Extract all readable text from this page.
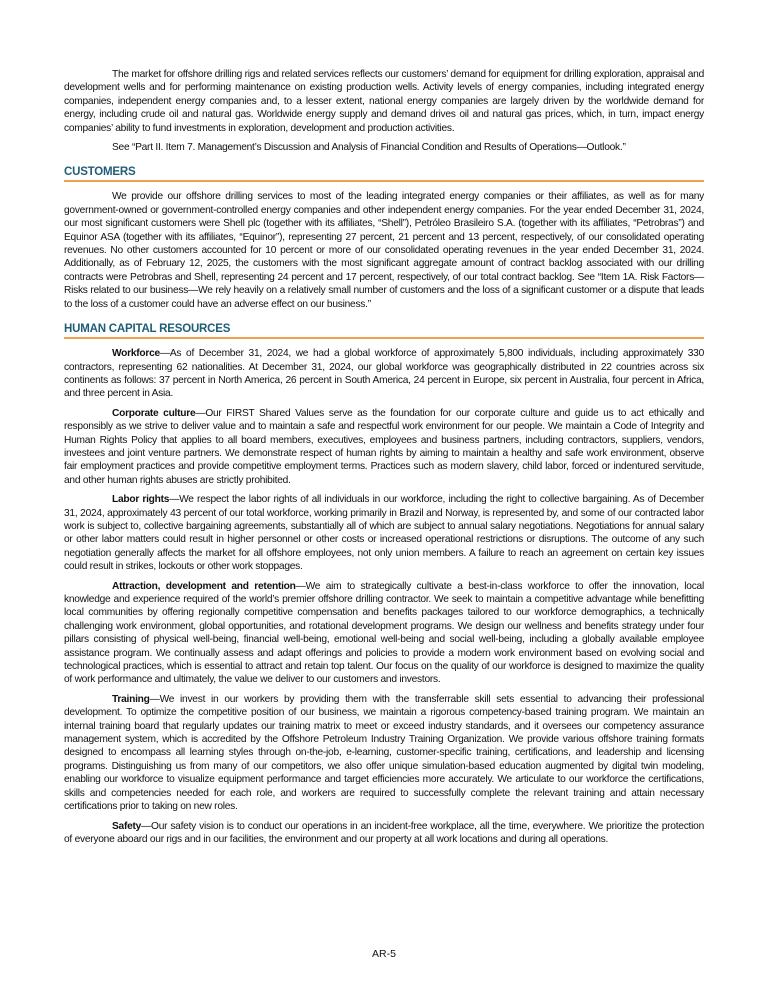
The market for offshore drilling rigs and related services reflects our customers’ demand for equipment for drilling exploration, appraisal and development wells and for performing maintenance on existing production wells. Activity levels of energy companies, including integrated energy companies, independent energy companies and, to a lesser extent, national energy companies are largely driven by the worldwide demand for energy, including crude oil and natural gas. Worldwide energy supply and demand drives oil and natural gas prices, which, in turn, impact energy companies’ ability to fund investments in exploration, development and production activities.

See “Part II. Item 7. Management’s Discussion and Analysis of Financial Condition and Results of Operations—Outlook.”

CUSTOMERS

We provide our offshore drilling services to most of the leading integrated energy companies or their affiliates, as well as for many government-owned or government-controlled energy companies and other independent energy companies. For the year ended December 31, 2024, our most significant customers were Shell plc (together with its affiliates, “Shell”), Petróleo Brasileiro S.A. (together with its affiliates, “Petrobras”) and Equinor ASA (together with its affiliates, “Equinor”), representing 27 percent, 21 percent and 13 percent, respectively, of our consolidated operating revenues. No other customers accounted for 10 percent or more of our consolidated operating revenues in the year ended December 31, 2024. Additionally, as of February 12, 2025, the customers with the most significant aggregate amount of contract backlog associated with our drilling contracts were Petrobras and Shell, representing 24 percent and 17 percent, respectively, of our total contract backlog. See “Item 1A. Risk Factors—Risks related to our business—We rely heavily on a relatively small number of customers and the loss of a significant customer or a dispute that leads to the loss of a customer could have an adverse effect on our business.”

HUMAN CAPITAL RESOURCES

Workforce—As of December 31, 2024, we had a global workforce of approximately 5,800 individuals, including approximately 330 contractors, representing 62 nationalities. At December 31, 2024, our global workforce was geographically distributed in 22 countries across six continents as follows: 37 percent in North America, 26 percent in South America, 24 percent in Europe, six percent in Australia, four percent in Africa, and three percent in Asia.

Corporate culture—Our FIRST Shared Values serve as the foundation for our corporate culture and guide us to act ethically and responsibly as we strive to deliver value and to maintain a safe and respectful work environment for our people. We maintain a Code of Integrity and Human Rights Policy that applies to all board members, executives, employees and business partners, including contractors, suppliers, vendors, investees and joint venture partners. We demonstrate respect of human rights by aiming to maintain a healthy and safe work environment, observe fair employment practices and provide competitive employment terms. Practices such as modern slavery, child labor, forced or indentured servitude, and other human rights abuses are strictly prohibited.

Labor rights—We respect the labor rights of all individuals in our workforce, including the right to collective bargaining. As of December 31, 2024, approximately 43 percent of our total workforce, working primarily in Brazil and Norway, is represented by, and some of our contracted labor work is subject to, collective bargaining agreements, substantially all of which are subject to annual salary negotiations. Negotiations for annual salary or other labor matters could result in higher personnel or other costs or increased operational restrictions or disruptions. The outcome of any such negotiation generally affects the market for all offshore employees, not only union members. A failure to reach an agreement on certain key issues could result in strikes, lockouts or other work stoppages.

Attraction, development and retention—We aim to strategically cultivate a best-in-class workforce to offer the innovation, local knowledge and experience required of the world’s premier offshore drilling contractor. We seek to maintain a competitive advantage while benefitting local communities by offering regionally competitive compensation and benefits packages tailored to our workforce demographics, a technically challenging work environment, global opportunities, and rotational development programs. We design our wellness and benefits strategy under four pillars consisting of physical well-being, financial well-being, emotional well-being and social well-being, including a globally available employee assistance program. We continually assess and adapt offerings and policies to provide a modern work environment based on evolving social and technological practices, which is essential to attract and retain top talent. Our focus on the quality of our workforce is designed to maximize the quality of work performance and ultimately, the value we deliver to our customers and investors.

Training—We invest in our workers by providing them with the transferrable skill sets essential to advancing their professional development. To optimize the competitive position of our business, we maintain a rigorous competency-based training program. We maintain an internal training board that regularly updates our training matrix to meet or exceed industry standards, and it oversees our competency assurance management system, which is accredited by the Offshore Petroleum Industry Training Organization. We provide various offshore training formats designed to encompass all learning styles through on-the-job, e-learning, customer-specific training, certifications, and leadership and licensing programs. Distinguishing us from many of our competitors, we also offer unique simulation-based education augmented by digital twin modeling, enabling our workforce to visualize equipment performance and target efficiencies more accurately. We articulate to our workforce the certifications, skills and competencies needed for each role, and workers are required to successfully complete the relevant training and attain necessary certifications prior to taking on new roles.

Safety—Our safety vision is to conduct our operations in an incident-free workplace, all the time, everywhere. We prioritize the protection of everyone aboard our rigs and in our facilities, the environment and our property at all work locations and during all operations.

AR-5
